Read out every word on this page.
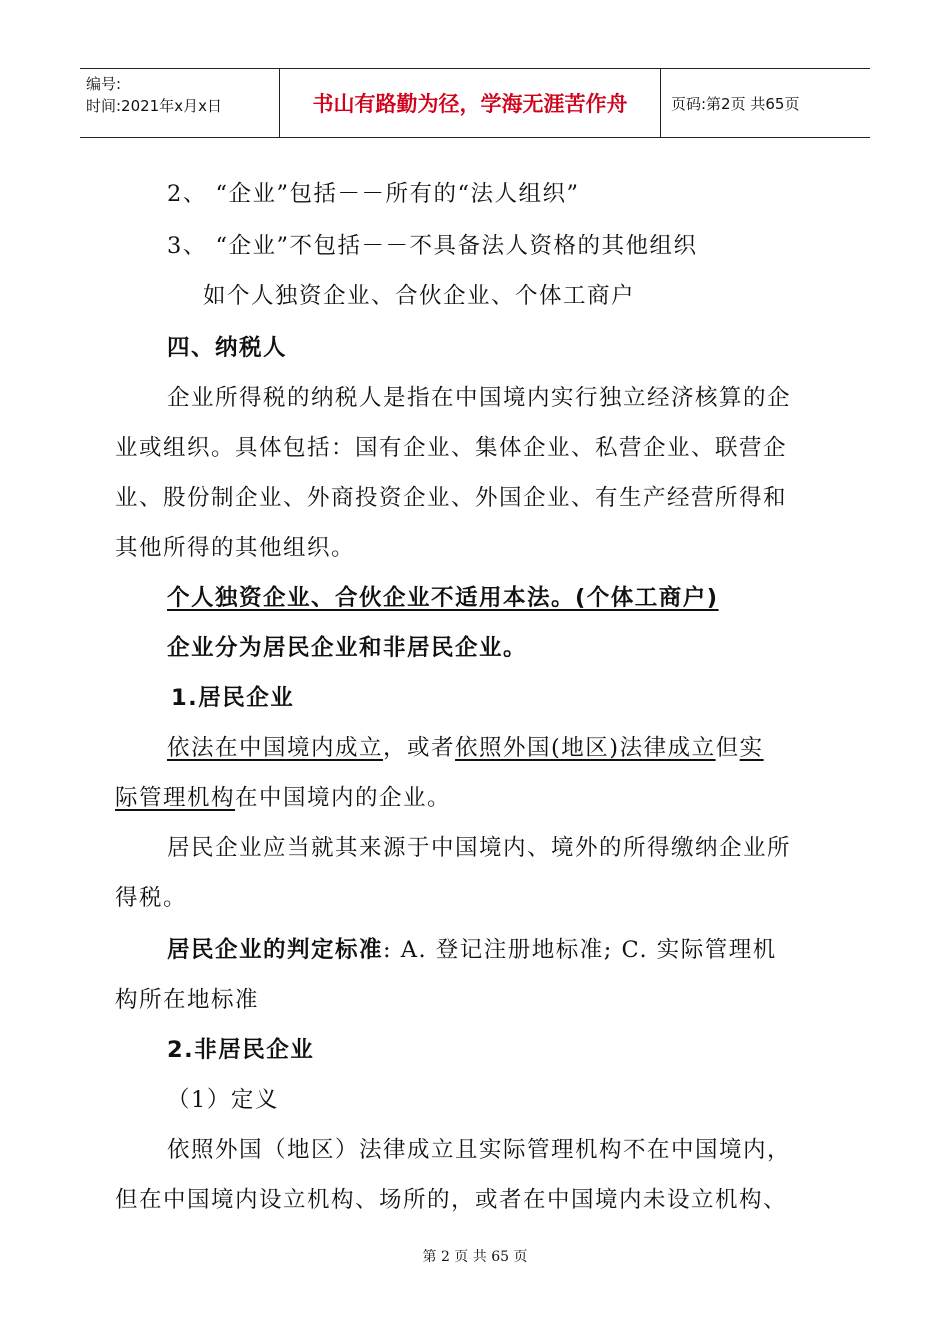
编号:
时间:2021年x月x日	书山有路勤为径，学海无涯苦作舟	页码:第2页 共65页
2、 “企业”包括－－所有的“法人组织”
3、 “企业”不包括－－不具备法人资格的其他组织
如个人独资企业、合伙企业、个体工商户
四、纳税人
企业所得税的纳税人是指在中国境内实行独立经济核算的企
业或组织。具体包括：国有企业、集体企业、私营企业、联营企
业、股份制企业、外商投资企业、外国企业、有生产经营所得和
其他所得的其他组织。
个人独资企业、合伙企业不适用本法。(个体工商户)
企业分为居民企业和非居民企业。
1.居民企业
依法在中国境内成立，或者依照外国(地区)法律成立但实
际管理机构在中国境内的企业。
居民企业应当就其来源于中国境内、境外的所得缴纳企业所
得税。
居民企业的判定标准: A. 登记注册地标准; C. 实际管理机
构所在地标准
2.非居民企业
（1）定义
依照外国（地区）法律成立且实际管理机构不在中国境内，
但在中国境内设立机构、场所的，或者在中国境内未设立机构、
第 2 页 共 65 页
